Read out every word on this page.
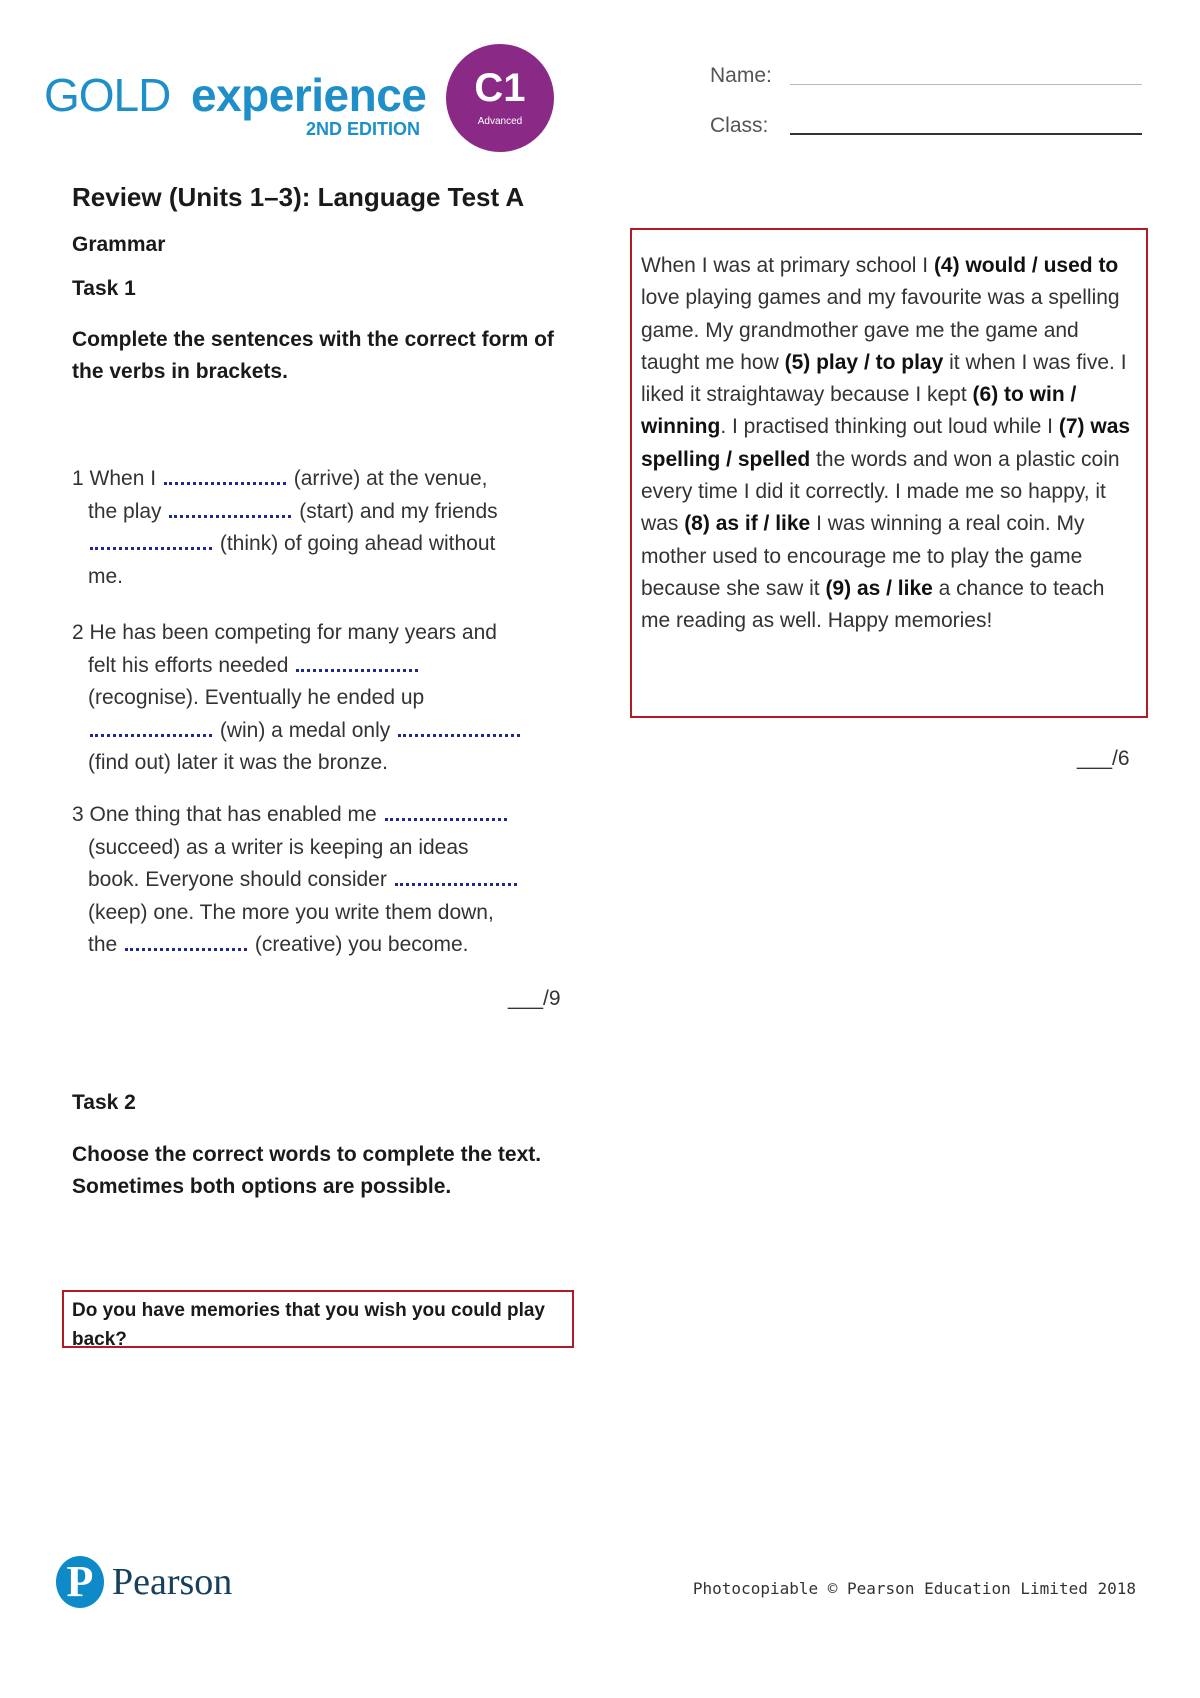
GOLD experience
2ND EDITION
C1
Advanced
Name:
Class:
Review (Units 1–3): Language Test A
Grammar
Task 1
Complete the sentences with the correct form of the verbs in brackets.
1 When I	(arrive) at the venue,
the play	(start) and my friends
(think) of going ahead without
me.
2 He has been competing for many years and
felt his efforts needed
(recognise). Eventually he ended up
(win) a medal only
(find out) later it was the bronze.
3 One thing that has enabled me
(succeed) as a writer is keeping an ideas
book. Everyone should consider
(keep) one. The more you write them down,
the	(creative) you become.
___/9
Task 2
Choose the correct words to complete the text. Sometimes both options are possible.
Do you have memories that you wish you could play back?
When I was at primary school I (4) would / used to love playing games and my favourite was a spelling game. My grandmother gave me the game and taught me how (5) play / to play it when I was five. I liked it straightaway because I kept (6) to win / winning. I practised thinking out loud while I (7) was spelling / spelled the words and won a plastic coin every time I did it correctly. I made me so happy, it was (8) as if / like I was winning a real coin. My mother used to encourage me to play the game because she saw it (9) as / like a chance to teach me reading as well. Happy memories!
___/6
P Pearson	Photocopiable © Pearson Education Limited 2018
